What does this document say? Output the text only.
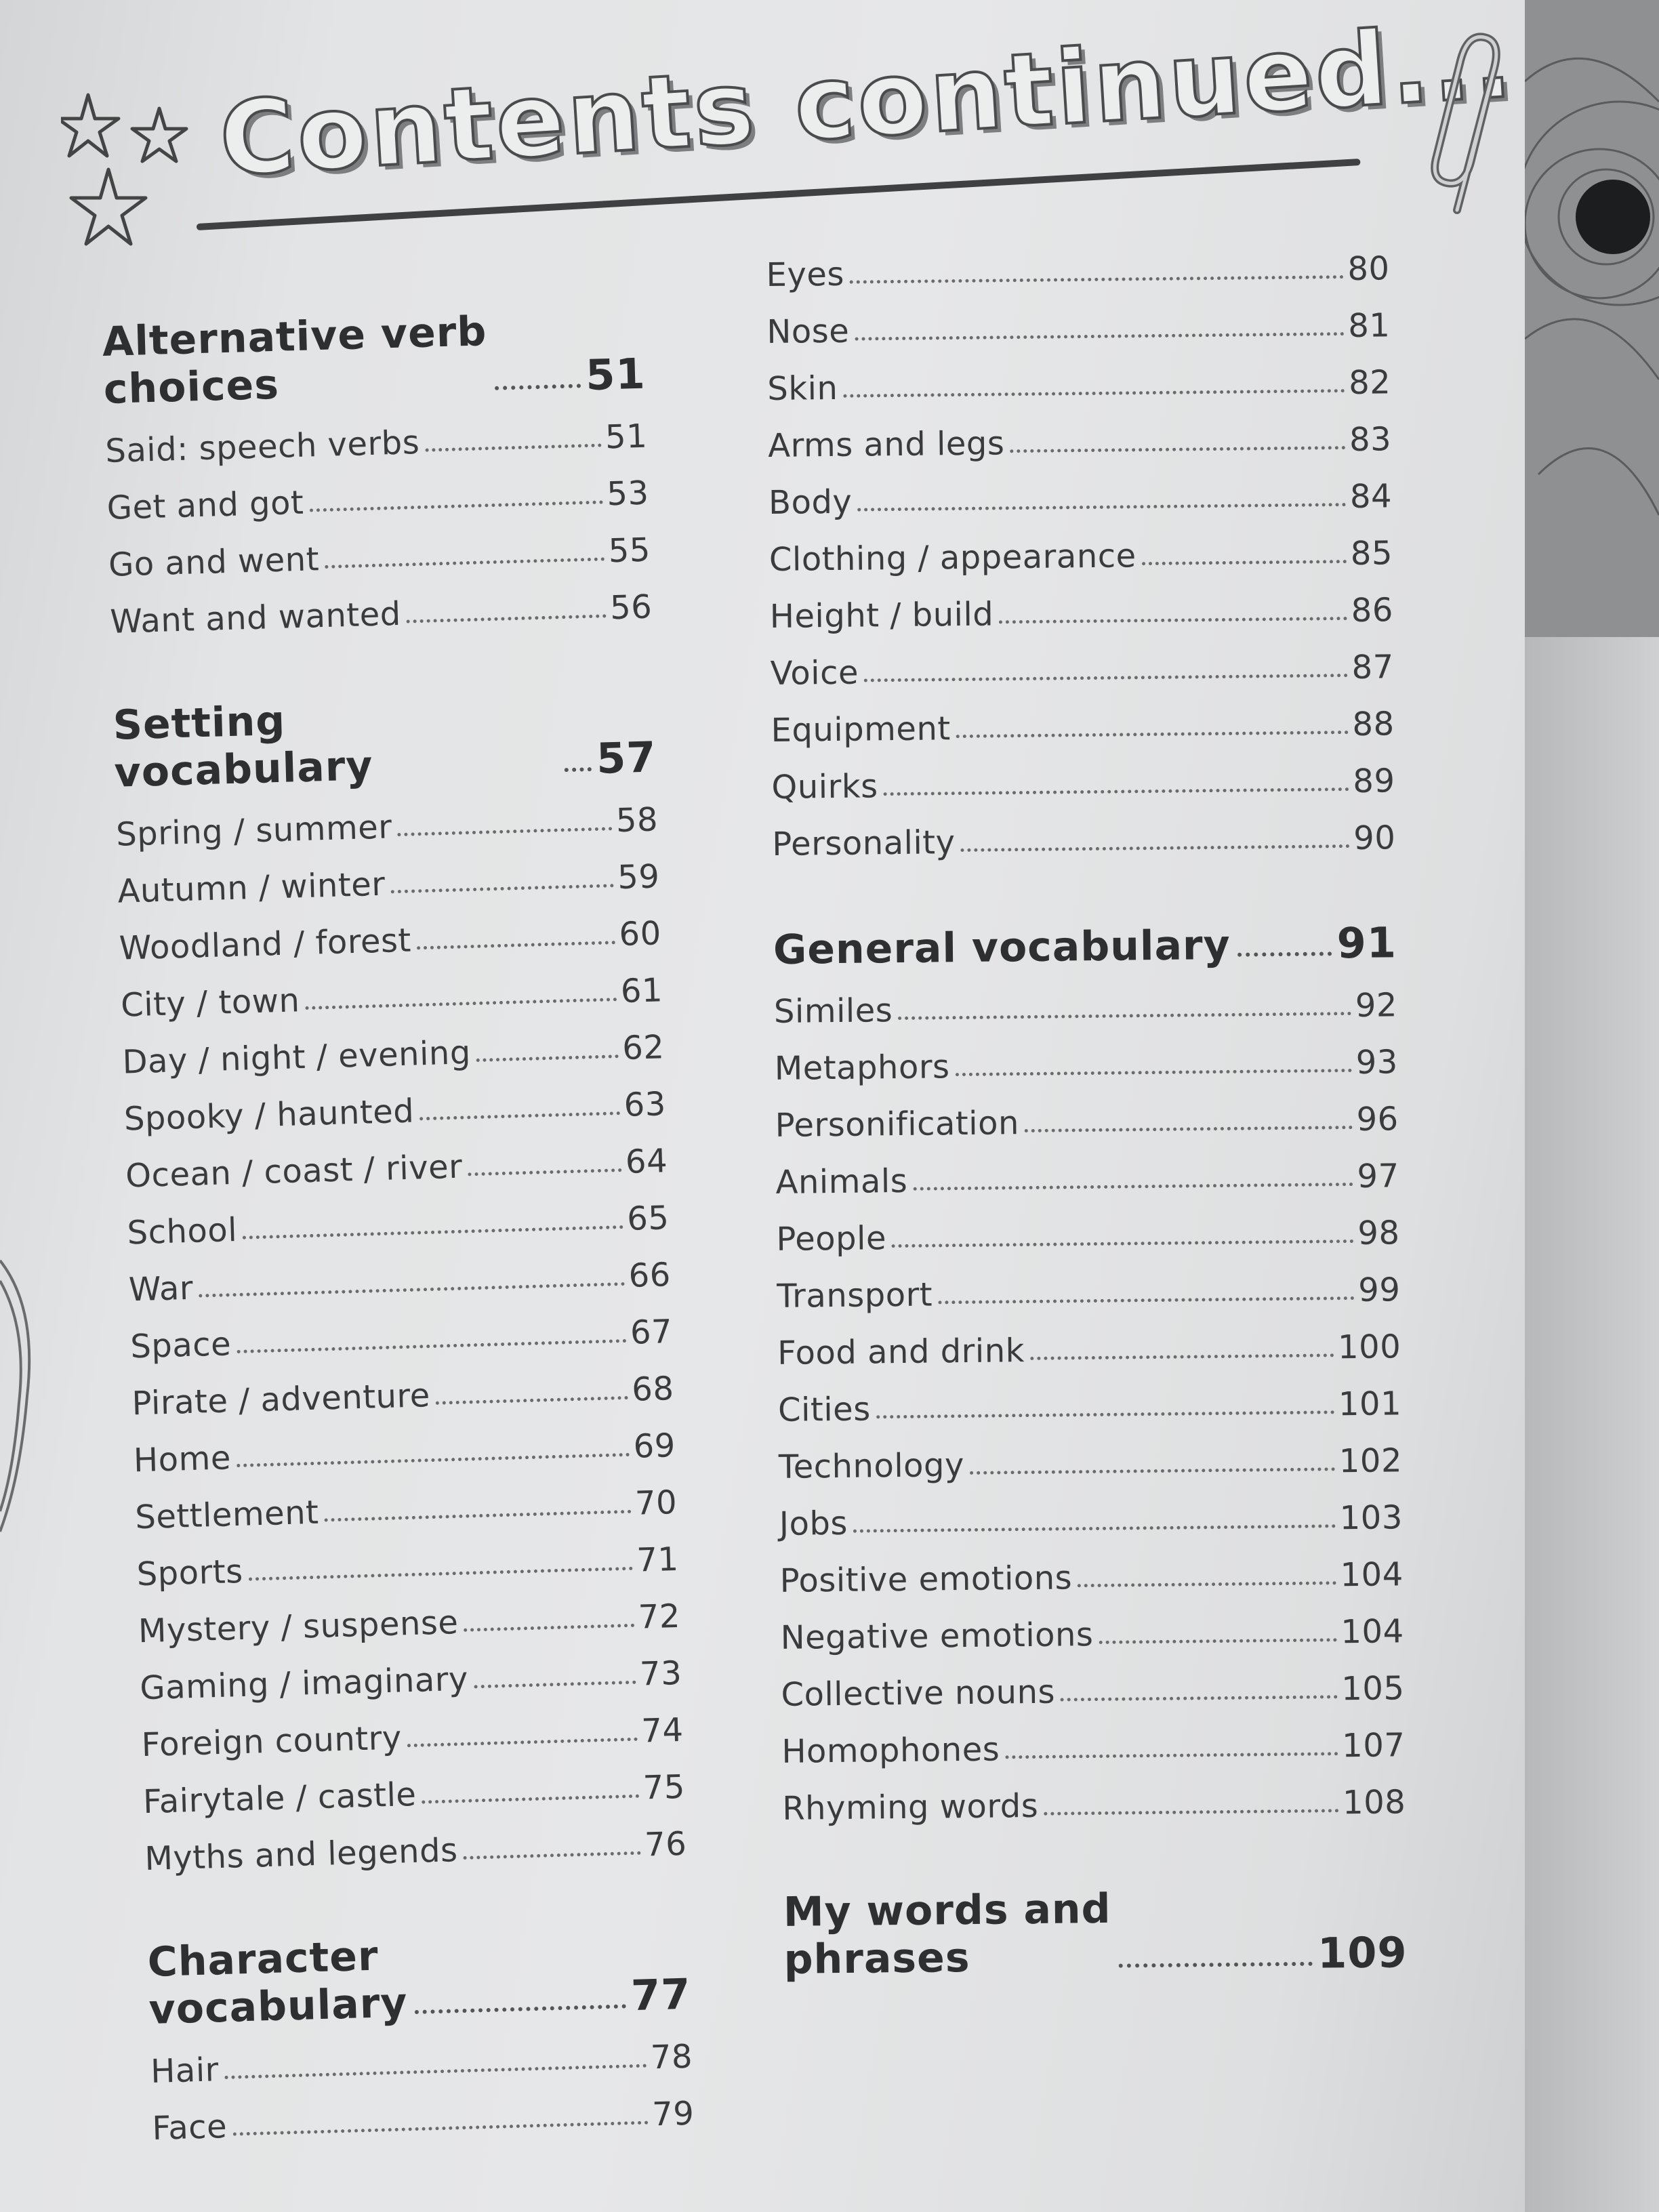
Contents continued...
Alternative verb
choices	51
Said: speech verbs	51
Get and got	53
Go and went	55
Want and wanted	56
Setting vocabulary	57
Spring / summer	58
Autumn / winter	59
Woodland / forest	60
City / town	61
Day / night / evening	62
Spooky / haunted	63
Ocean / coast / river	64
School	65
War	66
Space	67
Pirate / adventure	68
Home	69
Settlement	70
Sports	71
Mystery / suspense	72
Gaming / imaginary	73
Foreign country	74
Fairytale / castle	75
Myths and legends	76
Character
vocabulary	77
Hair	78
Face	79
Eyes	80
Nose	81
Skin	82
Arms and legs	83
Body	84
Clothing / appearance	85
Height / build	86
Voice	87
Equipment	88
Quirks	89
Personality	90
General vocabulary	91
Similes	92
Metaphors	93
Personification	96
Animals	97
People	98
Transport	99
Food and drink	100
Cities	101
Technology	102
Jobs	103
Positive emotions	104
Negative emotions	104
Collective nouns	105
Homophones	107
Rhyming words	108
My words and
phrases	109
